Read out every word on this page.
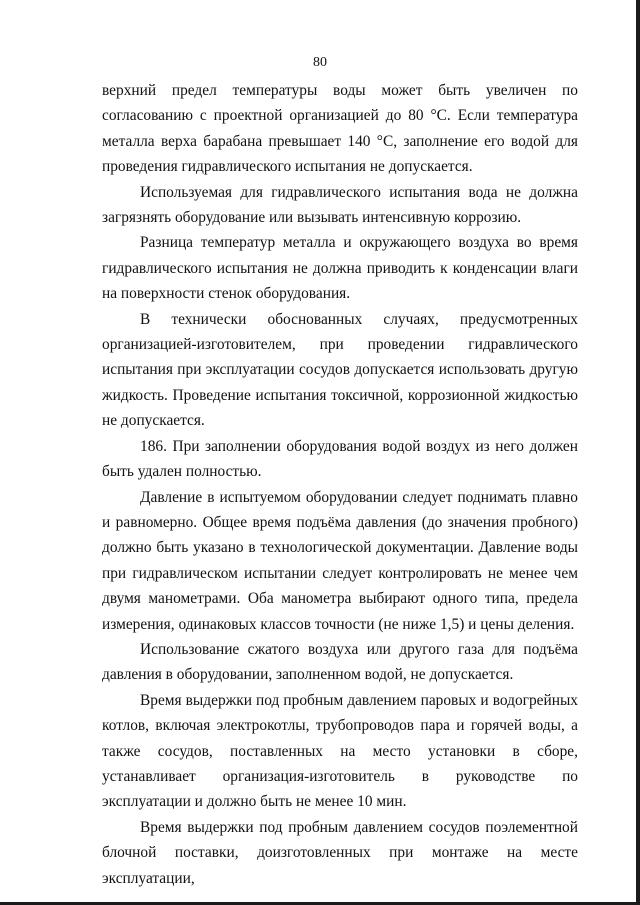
80

верхний предел температуры воды может быть увеличен по согласованию с проектной организацией до 80 °С. Если температура металла верха барабана превышает 140 °С, заполнение его водой для проведения гидравлического испытания не допускается.

Используемая для гидравлического испытания вода не должна загрязнять оборудование или вызывать интенсивную коррозию.

Разница температур металла и окружающего воздуха во время гидравлического испытания не должна приводить к конденсации влаги на поверхности стенок оборудования.

В технически обоснованных случаях, предусмотренных организацией-изготовителем, при проведении гидравлического испытания при эксплуатации сосудов допускается использовать другую жидкость. Проведение испытания токсичной, коррозионной жидкостью не допускается.

186. При заполнении оборудования водой воздух из него должен быть удален полностью.

Давление в испытуемом оборудовании следует поднимать плавно и равномерно. Общее время подъёма давления (до значения пробного) должно быть указано в технологической документации. Давление воды при гидравлическом испытании следует контролировать не менее чем двумя манометрами. Оба манометра выбирают одного типа, предела измерения, одинаковых классов точности (не ниже 1,5) и цены деления.

Использование сжатого воздуха или другого газа для подъёма давления в оборудовании, заполненном водой, не допускается.

Время выдержки под пробным давлением паровых и водогрейных котлов, включая электрокотлы, трубопроводов пара и горячей воды, а также сосудов, поставленных на место установки в сборе, устанавливает организация-изготовитель в руководстве по эксплуатации и должно быть не менее 10 мин.

Время выдержки под пробным давлением сосудов поэлементной блочной поставки, доизготовленных при монтаже на месте эксплуатации,
